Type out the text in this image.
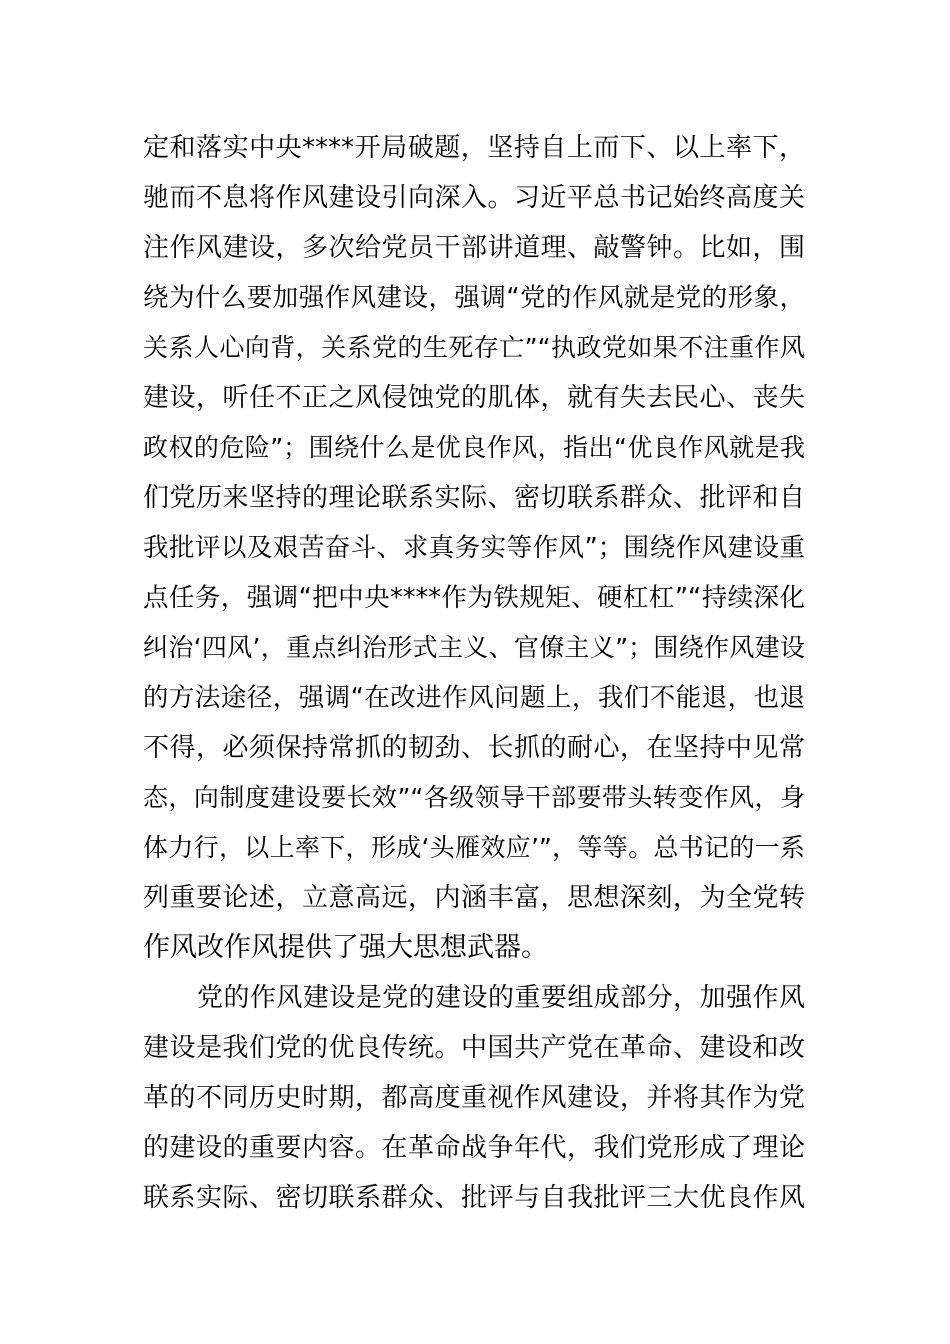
定和落实中央****开局破题，坚持自上而下、以上率下，
驰而不息将作风建设引向深入。习近平总书记始终高度关
注作风建设，多次给党员干部讲道理、敲警钟。比如，围
绕为什么要加强作风建设，强调“党的作风就是党的形象，
关系人心向背，关系党的生死存亡”“执政党如果不注重作风
建设，听任不正之风侵蚀党的肌体，就有失去民心、丧失
政权的危险”；围绕什么是优良作风，指出“优良作风就是我
们党历来坚持的理论联系实际、密切联系群众、批评和自
我批评以及艰苦奋斗、求真务实等作风”；围绕作风建设重
点任务，强调“把中央****作为铁规矩、硬杠杠”“持续深化
纠治‘四风’，重点纠治形式主义、官僚主义”；围绕作风建设
的方法途径，强调“在改进作风问题上，我们不能退，也退
不得，必须保持常抓的韧劲、长抓的耐心，在坚持中见常
态，向制度建设要长效”“各级领导干部要带头转变作风，身
体力行，以上率下，形成‘头雁效应’”，等等。总书记的一系
列重要论述，立意高远，内涵丰富，思想深刻，为全党转
作风改作风提供了强大思想武器。
党的作风建设是党的建设的重要组成部分，加强作风
建设是我们党的优良传统。中国共产党在革命、建设和改
革的不同历史时期，都高度重视作风建设，并将其作为党
的建设的重要内容。在革命战争年代，我们党形成了理论
联系实际、密切联系群众、批评与自我批评三大优良作风
